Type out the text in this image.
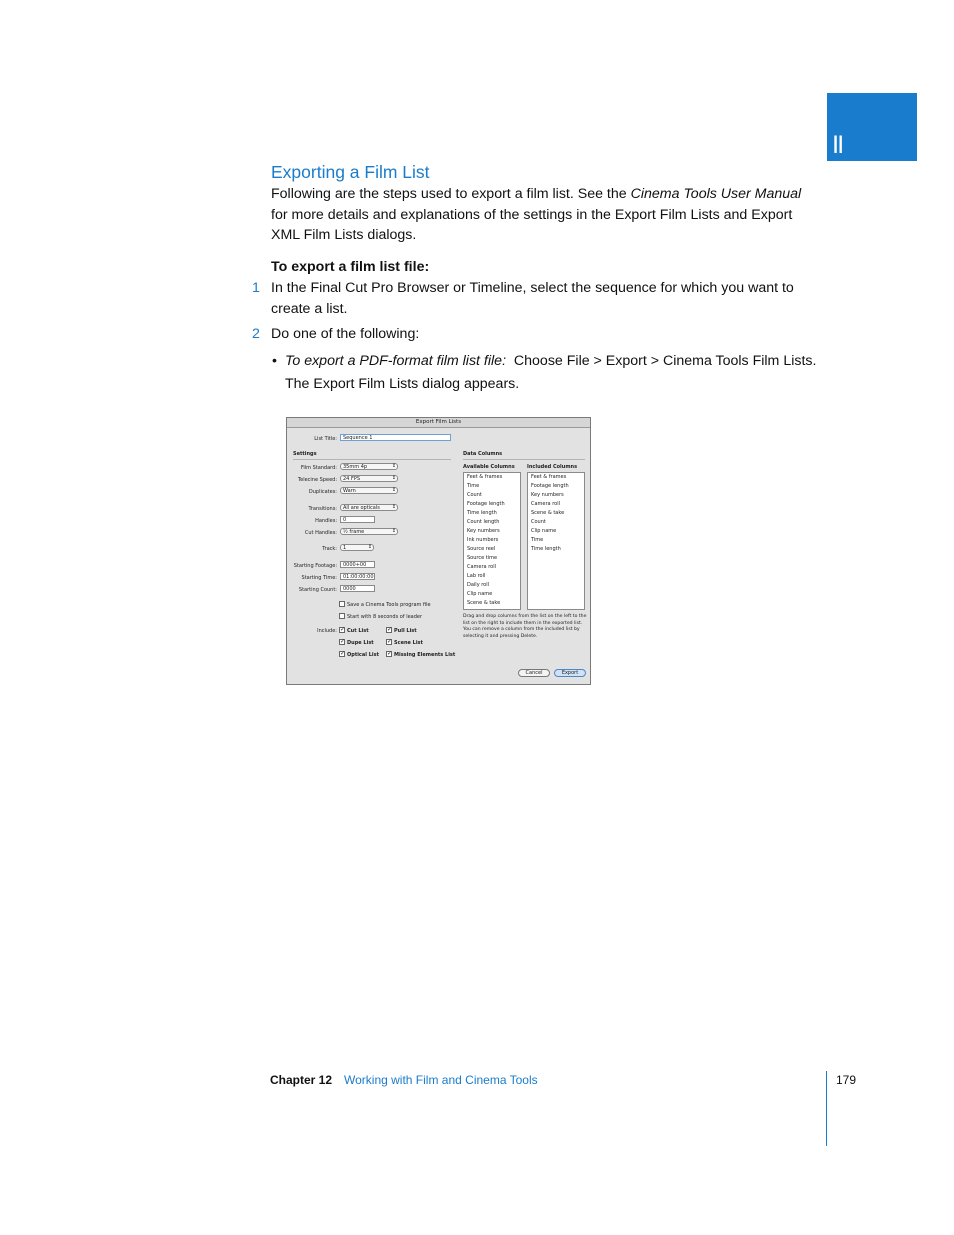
II
Exporting a Film List
Following are the steps used to export a film list. See the Cinema Tools User Manual for more details and explanations of the settings in the Export Film Lists and Export XML Film Lists dialogs.
To export a film list file:
1 In the Final Cut Pro Browser or Timeline, select the sequence for which you want to create a list.
2 Do one of the following:
• To export a PDF-format film list file: Choose File > Export > Cinema Tools Film Lists.
The Export Film Lists dialog appears.
Export Film Lists
List Title:	Sequence 1
Settings
Film Standard:	35mm 4p ↕
Telecine Speed:	24 FPS ↕
Duplicates:	Warn ↕
Transitions:	All are opticals ↕
Handles:	0
Cut Handles:	½ frame ↕
Track:	1 ↕
Starting Footage:	0000+00
Starting Time:	01:00:00:00
Starting Count:	0000
Save a Cinema Tools program file
Start with 8 seconds of leader
Include: ✓ Cut List	✓ Pull List
✓ Dupe List ✓ Scene List
✓ Optical List ✓ Missing Elements List
Data Columns
Available Columns Included Columns
Feet & frames
Time
Count
Footage length
Time length
Count length
Key numbers
Ink numbers
Source reel
Source time
Camera roll
Lab roll
Daily roll
Clip name
Scene & take
Feet & frames
Footage length
Key numbers
Camera roll
Scene & take
Count
Clip name
Time
Time length
Drag and drop columns from the list on the left to the list on the right to include them in the exported list. You can remove a column from the included list by selecting it and pressing Delete.
Cancel	Export
Chapter 12 Working with Film and Cinema Tools	179
